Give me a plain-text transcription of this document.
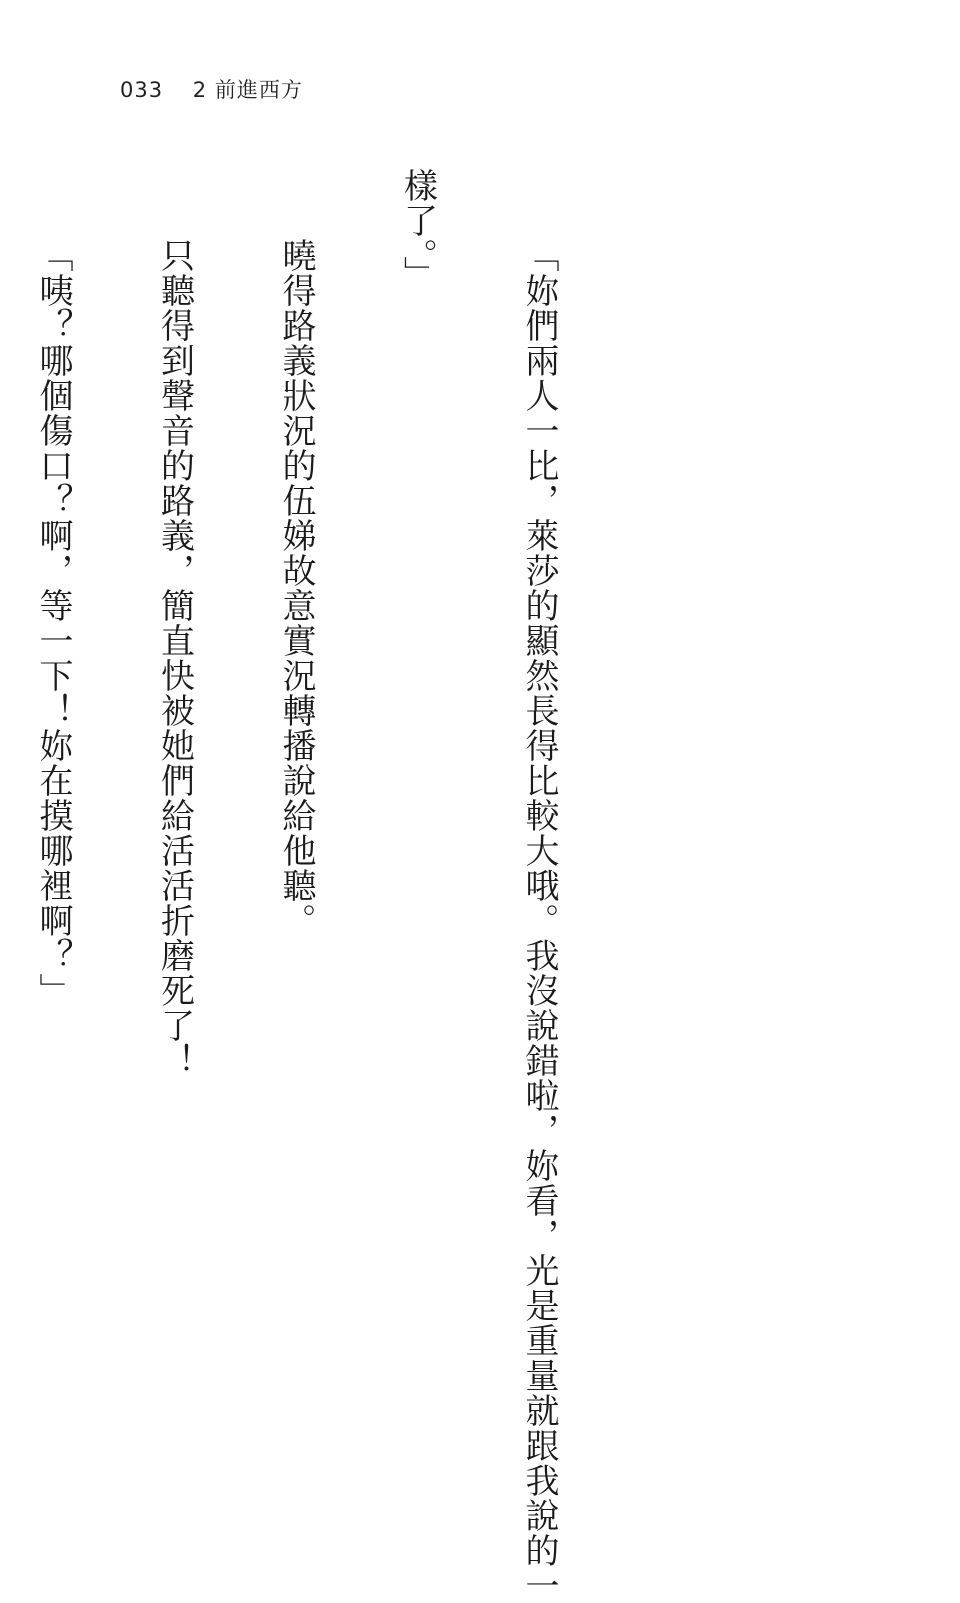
033 2 前進西方

「妳們兩人一比，萊莎的顯然長得比較大哦。我沒說錯啦，妳看，光是重量就跟我說的一

樣了。」

曉得路義狀況的伍娣故意實況轉播說給他聽。

只聽得到聲音的路義，簡直快被她們給活活折磨死了！

「咦？哪個傷口？啊，等一下！妳在摸哪裡啊？」
